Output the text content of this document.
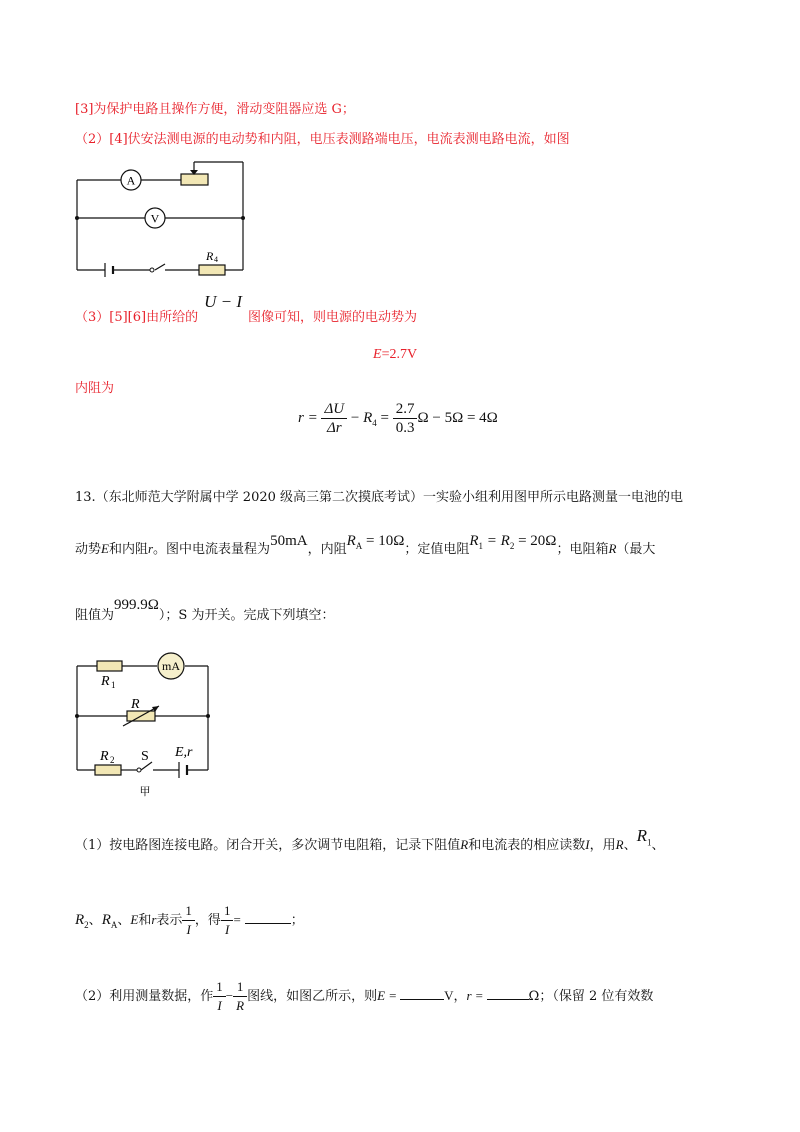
[3]为保护电路且操作方便，滑动变阻器应选 G；
（2）[4]伏安法测电源的电动势和内阻，电压表测路端电压，电流表测电路电流，如图
A
V
R 4
（3）[5][6]由所给的U − I图像可知，则电源的电动势为
E=2.7V
内阻为
$r = \frac{\Delta U}{\Delta r} - R_4 = \frac{2.7}{0.3}$ Ω − 5Ω = 4Ω
13.（东北师范大学附属中学 2020 级高三第二次摸底考试）一实验小组利用图甲所示电路测量一电池的电
动势E和内阻r。图中电流表量程为50mA，内阻$R_A = 10\Omega$；定值电阻$R_1 = R_2 = 20\Omega$；电阻箱R（最大
阻值为999.9Ω）；S 为开关。完成下列填空：
mA
R 1
R
R 2 S E,r
甲
（1）按电路图连接电路。闭合开关，多次调节电阻箱，记录下阻值R和电流表的相应读数I，用R、$R_1$、
$R_2$、$R_A$、E和r表示 $\frac{1}{I}$ ，得 $\frac{1}{I}$ =	；
（2）利用测量数据，作 $\frac{1}{I} - \frac{1}{R}$ 图线，如图乙所示，则E =	V，r =	Ω；（保留 2 位有效数
